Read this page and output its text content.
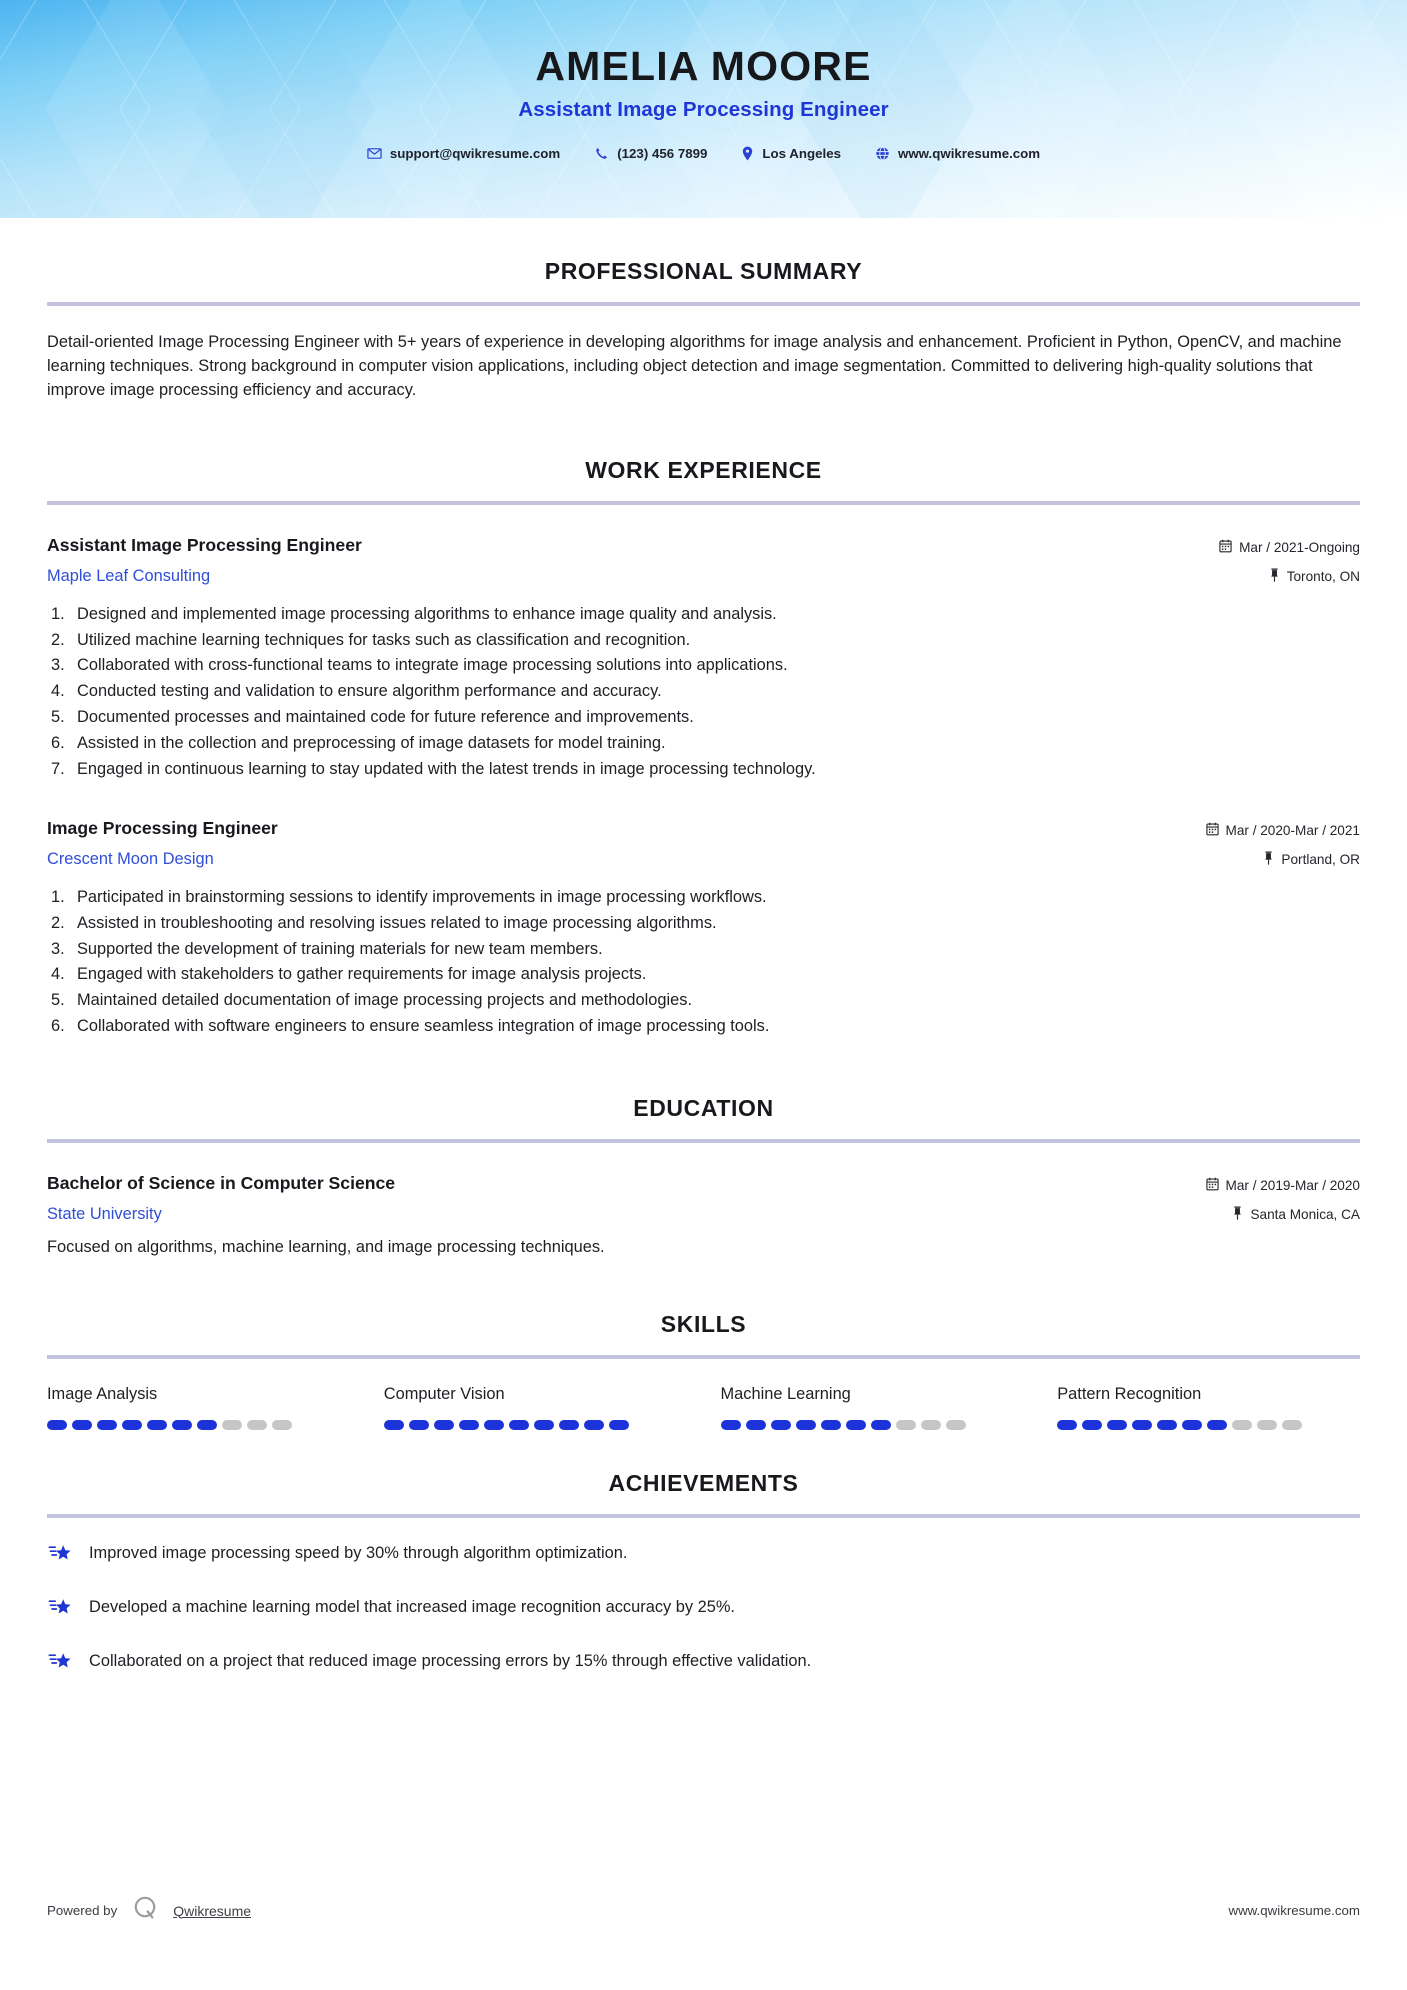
AMELIA MOORE
Assistant Image Processing Engineer
support@qwikresume.com	(123) 456 7899	Los Angeles	www.qwikresume.com
PROFESSIONAL SUMMARY

Detail-oriented Image Processing Engineer with 5+ years of experience in developing algorithms for image analysis and enhancement. Proficient in Python, OpenCV, and machine learning techniques. Strong background in computer vision applications, including object detection and image segmentation. Committed to delivering high-quality solutions that improve image processing efficiency and accuracy.

WORK EXPERIENCE
Assistant Image Processing Engineer
Maple Leaf Consulting
Mar / 2021-Ongoing
Toronto, ON
Designed and implemented image processing algorithms to enhance image quality and analysis.
Utilized machine learning techniques for tasks such as classification and recognition.
Collaborated with cross-functional teams to integrate image processing solutions into applications.
Conducted testing and validation to ensure algorithm performance and accuracy.
Documented processes and maintained code for future reference and improvements.
Assisted in the collection and preprocessing of image datasets for model training.
Engaged in continuous learning to stay updated with the latest trends in image processing technology.
Image Processing Engineer
Crescent Moon Design
Mar / 2020-Mar / 2021
Portland, OR
Participated in brainstorming sessions to identify improvements in image processing workflows.
Assisted in troubleshooting and resolving issues related to image processing algorithms.
Supported the development of training materials for new team members.
Engaged with stakeholders to gather requirements for image analysis projects.
Maintained detailed documentation of image processing projects and methodologies.
Collaborated with software engineers to ensure seamless integration of image processing tools.
EDUCATION
Bachelor of Science in Computer Science
State University
Mar / 2019-Mar / 2020
Santa Monica, CA
Focused on algorithms, machine learning, and image processing techniques.
SKILLS
Image Analysis	Computer Vision	Machine Learning	Pattern Recognition
ACHIEVEMENTS
Improved image processing speed by 30% through algorithm optimization.
Developed a machine learning model that increased image recognition accuracy by 25%.
Collaborated on a project that reduced image processing errors by 15% through effective validation.
Powered by	Qwikresume	www.qwikresume.com
